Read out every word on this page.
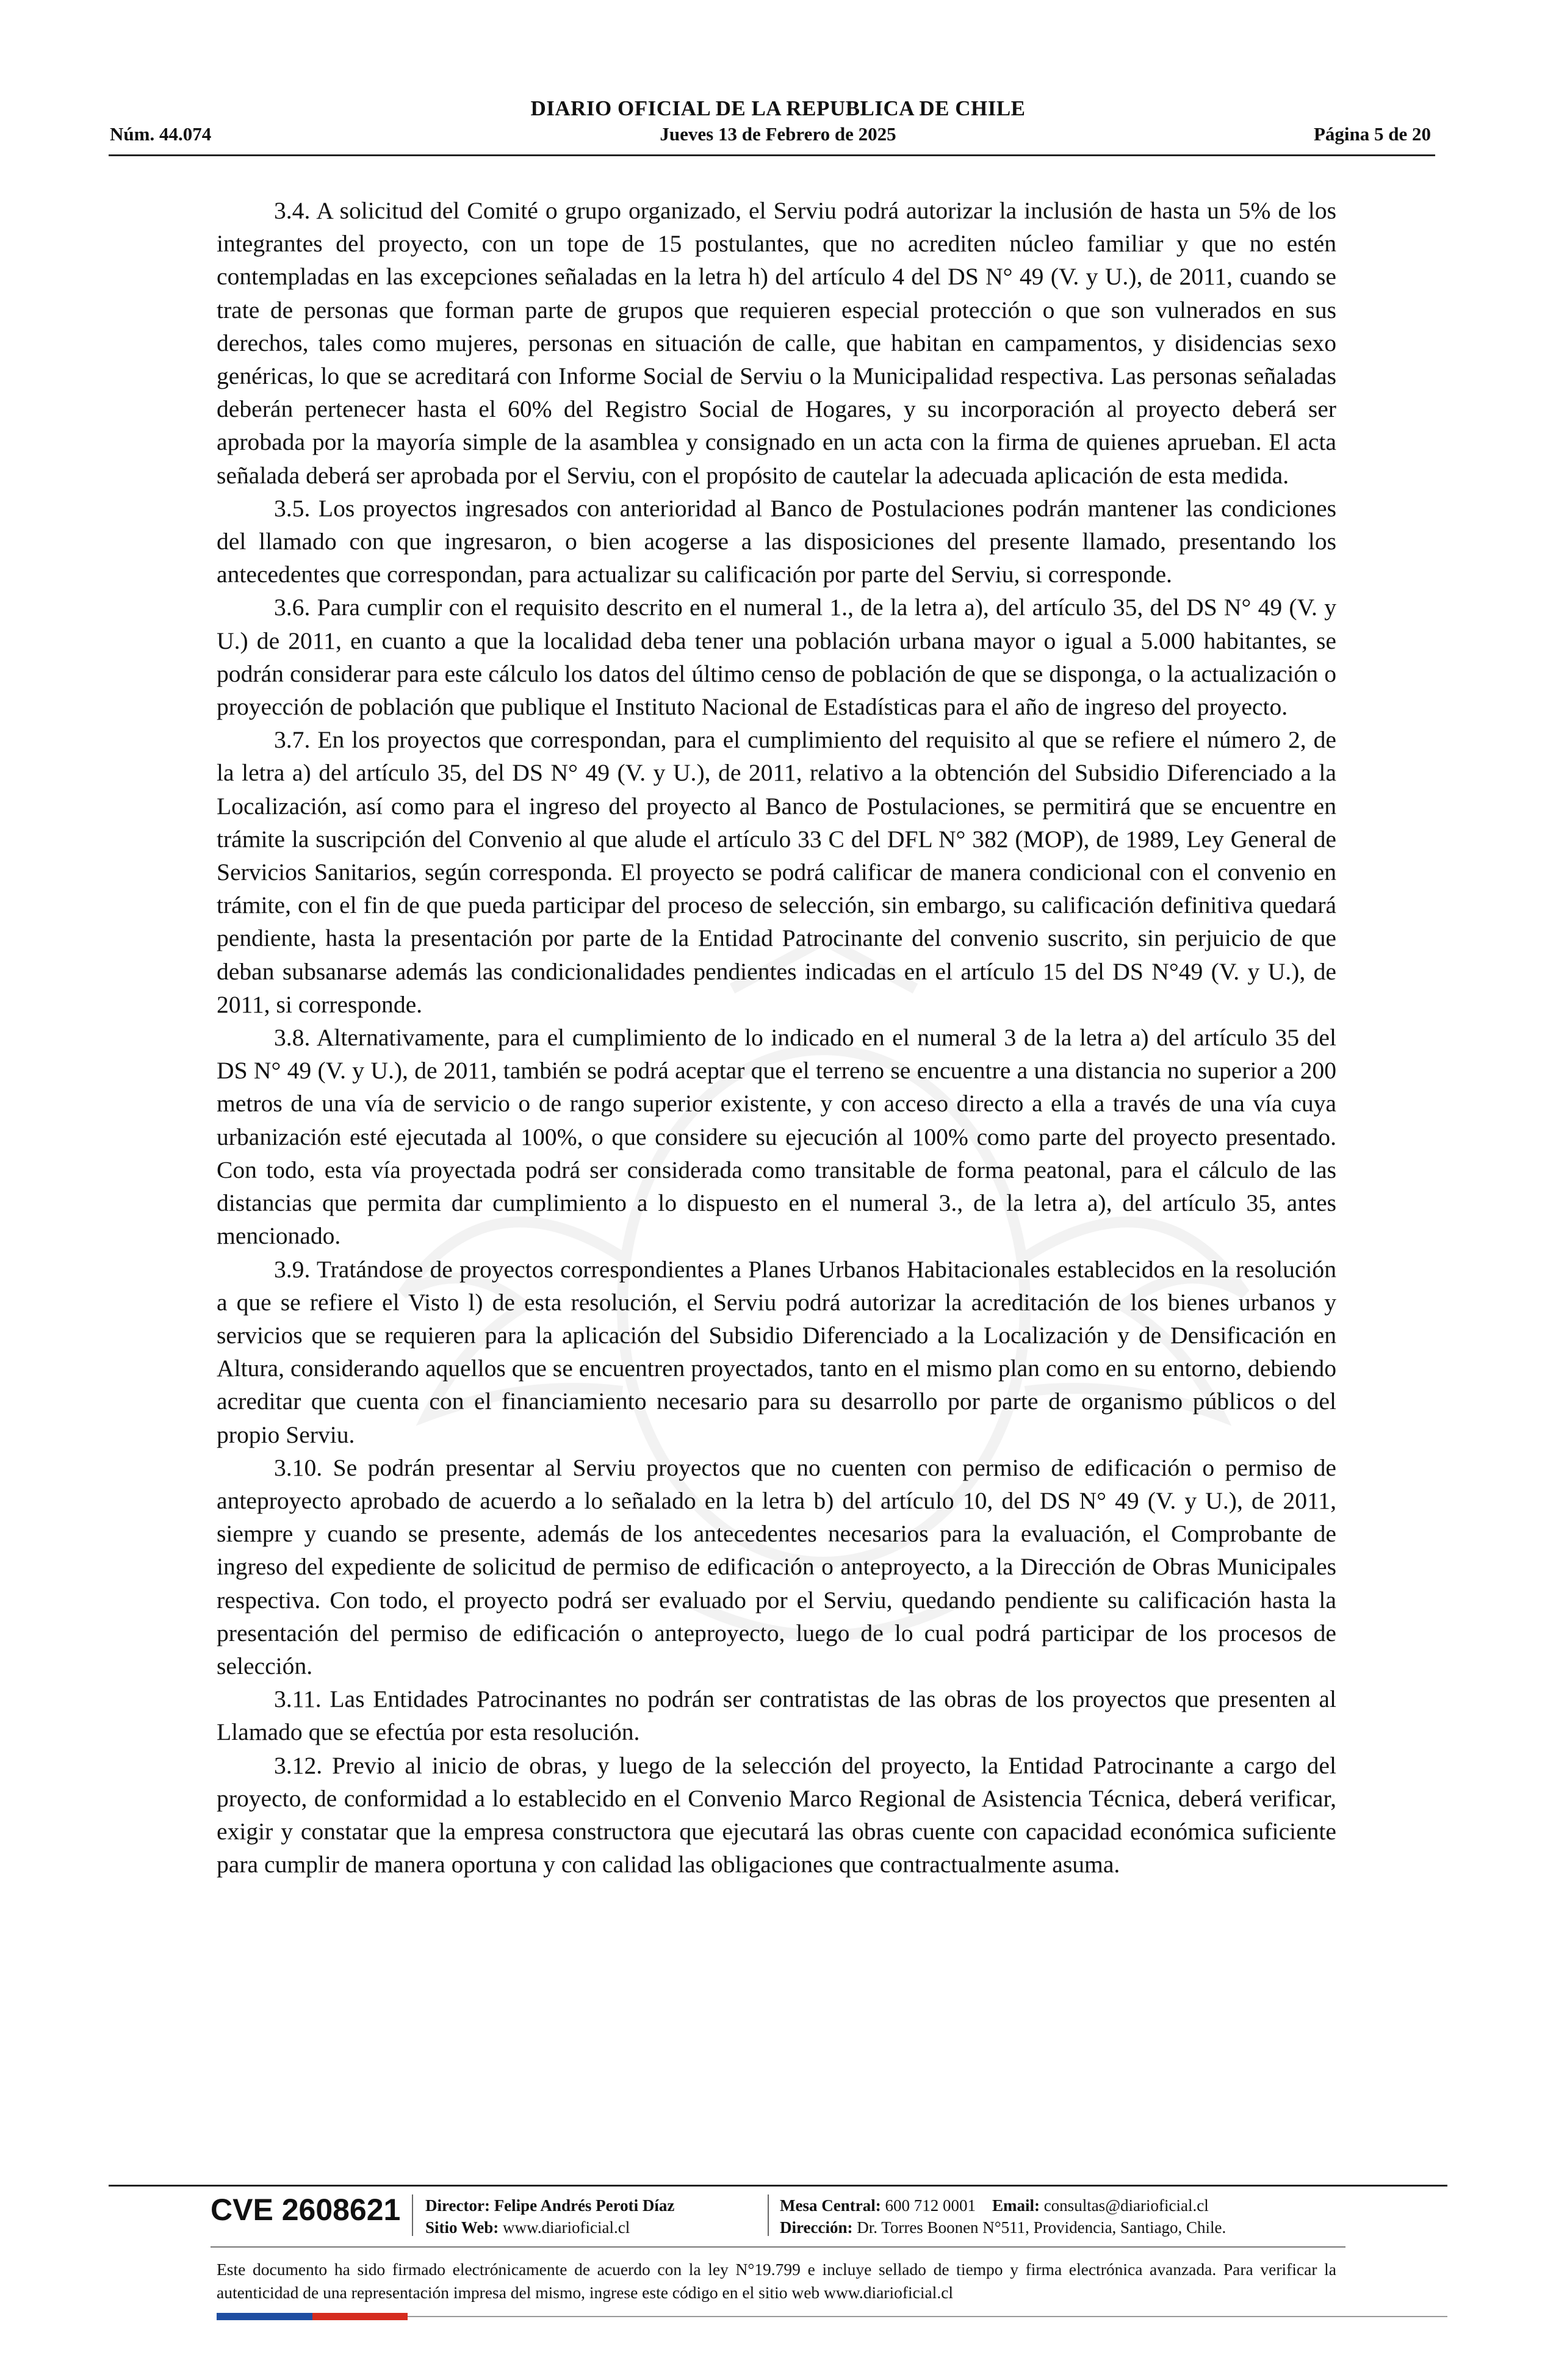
DIARIO OFICIAL DE LA REPUBLICA DE CHILE
Núm. 44.074	Jueves 13 de Febrero de 2025	Página 5 de 20

3.4. A solicitud del Comité o grupo organizado, el Serviu podrá autorizar la inclusión de hasta un 5% de los integrantes del proyecto, con un tope de 15 postulantes, que no acrediten núcleo familiar y que no estén contempladas en las excepciones señaladas en la letra h) del artículo 4 del DS N° 49 (V. y U.), de 2011, cuando se trate de personas que forman parte de grupos que requieren especial protección o que son vulnerados en sus derechos, tales como mujeres, personas en situación de calle, que habitan en campamentos, y disidencias sexo genéricas, lo que se acreditará con Informe Social de Serviu o la Municipalidad respectiva. Las personas señaladas deberán pertenecer hasta el 60% del Registro Social de Hogares, y su incorporación al proyecto deberá ser aprobada por la mayoría simple de la asamblea y consignado en un acta con la firma de quienes aprueban. El acta señalada deberá ser aprobada por el Serviu, con el propósito de cautelar la adecuada aplicación de esta medida.

3.5. Los proyectos ingresados con anterioridad al Banco de Postulaciones podrán mantener las condiciones del llamado con que ingresaron, o bien acogerse a las disposiciones del presente llamado, presentando los antecedentes que correspondan, para actualizar su calificación por parte del Serviu, si corresponde.

3.6. Para cumplir con el requisito descrito en el numeral 1., de la letra a), del artículo 35, del DS N° 49 (V. y U.) de 2011, en cuanto a que la localidad deba tener una población urbana mayor o igual a 5.000 habitantes, se podrán considerar para este cálculo los datos del último censo de población de que se disponga, o la actualización o proyección de población que publique el Instituto Nacional de Estadísticas para el año de ingreso del proyecto.

3.7. En los proyectos que correspondan, para el cumplimiento del requisito al que se refiere el número 2, de la letra a) del artículo 35, del DS N° 49 (V. y U.), de 2011, relativo a la obtención del Subsidio Diferenciado a la Localización, así como para el ingreso del proyecto al Banco de Postulaciones, se permitirá que se encuentre en trámite la suscripción del Convenio al que alude el artículo 33 C del DFL N° 382 (MOP), de 1989, Ley General de Servicios Sanitarios, según corresponda. El proyecto se podrá calificar de manera condicional con el convenio en trámite, con el fin de que pueda participar del proceso de selección, sin embargo, su calificación definitiva quedará pendiente, hasta la presentación por parte de la Entidad Patrocinante del convenio suscrito, sin perjuicio de que deban subsanarse además las condicionalidades pendientes indicadas en el artículo 15 del DS N°49 (V. y U.), de 2011, si corresponde.

3.8. Alternativamente, para el cumplimiento de lo indicado en el numeral 3 de la letra a) del artículo 35 del DS N° 49 (V. y U.), de 2011, también se podrá aceptar que el terreno se encuentre a una distancia no superior a 200 metros de una vía de servicio o de rango superior existente, y con acceso directo a ella a través de una vía cuya urbanización esté ejecutada al 100%, o que considere su ejecución al 100% como parte del proyecto presentado. Con todo, esta vía proyectada podrá ser considerada como transitable de forma peatonal, para el cálculo de las distancias que permita dar cumplimiento a lo dispuesto en el numeral 3., de la letra a), del artículo 35, antes mencionado.

3.9. Tratándose de proyectos correspondientes a Planes Urbanos Habitacionales establecidos en la resolución a que se refiere el Visto l) de esta resolución, el Serviu podrá autorizar la acreditación de los bienes urbanos y servicios que se requieren para la aplicación del Subsidio Diferenciado a la Localización y de Densificación en Altura, considerando aquellos que se encuentren proyectados, tanto en el mismo plan como en su entorno, debiendo acreditar que cuenta con el financiamiento necesario para su desarrollo por parte de organismo públicos o del propio Serviu.

3.10. Se podrán presentar al Serviu proyectos que no cuenten con permiso de edificación o permiso de anteproyecto aprobado de acuerdo a lo señalado en la letra b) del artículo 10, del DS N° 49 (V. y U.), de 2011, siempre y cuando se presente, además de los antecedentes necesarios para la evaluación, el Comprobante de ingreso del expediente de solicitud de permiso de edificación o anteproyecto, a la Dirección de Obras Municipales respectiva. Con todo, el proyecto podrá ser evaluado por el Serviu, quedando pendiente su calificación hasta la presentación del permiso de edificación o anteproyecto, luego de lo cual podrá participar de los procesos de selección.

3.11. Las Entidades Patrocinantes no podrán ser contratistas de las obras de los proyectos que presenten al Llamado que se efectúa por esta resolución.

3.12. Previo al inicio de obras, y luego de la selección del proyecto, la Entidad Patrocinante a cargo del proyecto, de conformidad a lo establecido en el Convenio Marco Regional de Asistencia Técnica, deberá verificar, exigir y constatar que la empresa constructora que ejecutará las obras cuente con capacidad económica suficiente para cumplir de manera oportuna y con calidad las obligaciones que contractualmente asuma.

CVE 2608621 Director: Felipe Andrés Peroti Díaz
Sitio Web: www.diarioficial.cl
Mesa Central: 600 712 0001 Email: consultas@diarioficial.cl
Dirección: Dr. Torres Boonen N°511, Providencia, Santiago, Chile.
Este documento ha sido firmado electrónicamente de acuerdo con la ley N°19.799 e incluye sellado de tiempo y firma electrónica avanzada. Para verificar la autenticidad de una representación impresa del mismo, ingrese este código en el sitio web www.diarioficial.cl
